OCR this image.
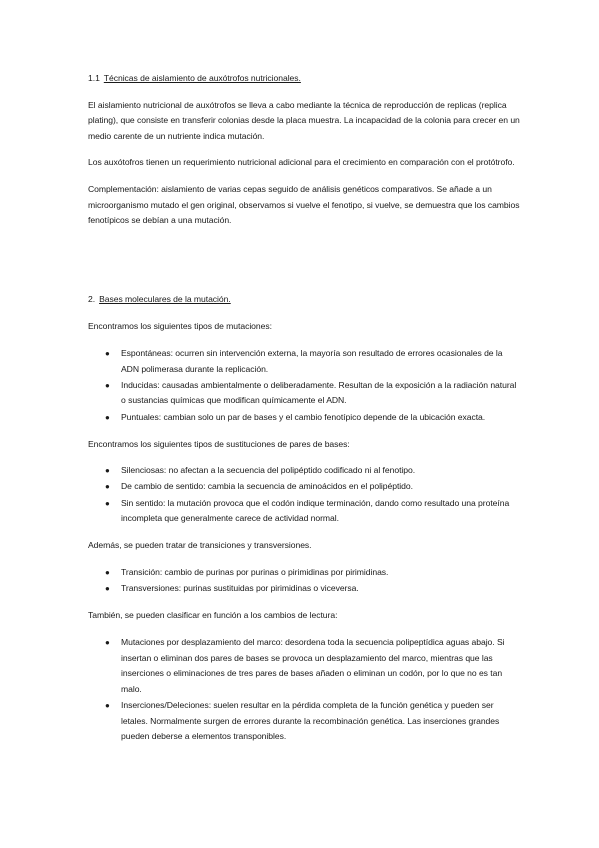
1.1 Técnicas de aislamiento de auxótrofos nutricionales.

El aislamiento nutricional de auxótrofos se lleva a cabo mediante la técnica de reproducción de replicas (replica plating), que consiste en transferir colonias desde la placa muestra. La incapacidad de la colonia para crecer en un medio carente de un nutriente indica mutación.

Los auxótofros tienen un requerimiento nutricional adicional para el crecimiento en comparación con el protótrofo.

Complementación: aislamiento de varias cepas seguido de análisis genéticos comparativos. Se añade a un microorganismo mutado el gen original, observamos si vuelve el fenotipo, si vuelve, se demuestra que los cambios fenotípicos se debían a una mutación.

2. Bases moleculares de la mutación.

Encontramos los siguientes tipos de mutaciones:

● Espontáneas: ocurren sin intervención externa, la mayoría son resultado de errores ocasionales de la ADN polimerasa durante la replicación.
● Inducidas: causadas ambientalmente o deliberadamente. Resultan de la exposición a la radiación natural o sustancias químicas que modifican químicamente el ADN.
● Puntuales: cambian solo un par de bases y el cambio fenotípico depende de la ubicación exacta.

Encontramos los siguientes tipos de sustituciones de pares de bases:

● Silenciosas: no afectan a la secuencia del polipéptido codificado ni al fenotipo.
● De cambio de sentido: cambia la secuencia de aminoácidos en el polipéptido.
● Sin sentido: la mutación provoca que el codón indique terminación, dando como resultado una proteína incompleta que generalmente carece de actividad normal.

Además, se pueden tratar de transiciones y transversiones.

● Transición: cambio de purinas por purinas o pirimidinas por pirimidinas.
● Transversiones: purinas sustituidas por pirimidinas o viceversa.

También, se pueden clasificar en función a los cambios de lectura:

● Mutaciones por desplazamiento del marco: desordena toda la secuencia polipeptídica aguas abajo. Si insertan o eliminan dos pares de bases se provoca un desplazamiento del marco, mientras que las inserciones o eliminaciones de tres pares de bases añaden o eliminan un codón, por lo que no es tan malo.
● Inserciones/Deleciones: suelen resultar en la pérdida completa de la función genética y pueden ser letales. Normalmente surgen de errores durante la recombinación genética. Las inserciones grandes pueden deberse a elementos transponibles.
